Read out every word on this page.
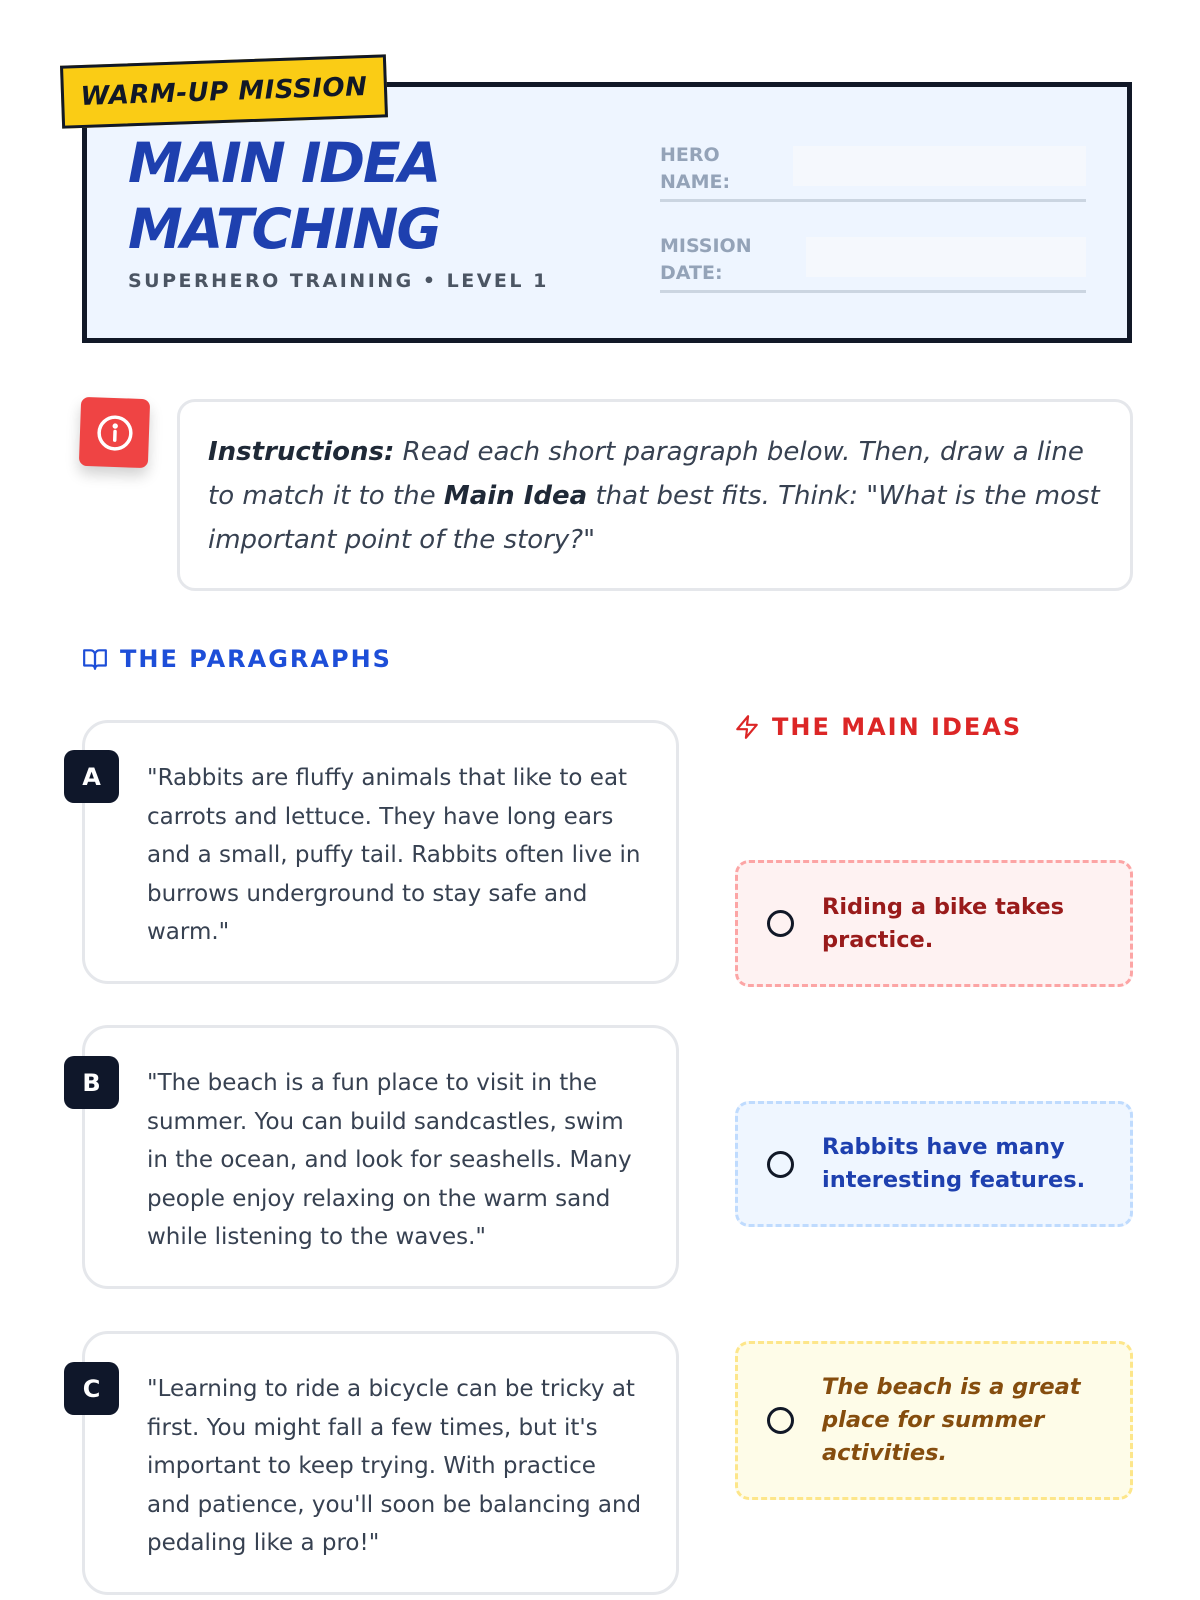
WARM-UP MISSION
MAIN IDEA MATCHING
SUPERHERO TRAINING • LEVEL 1
HERO NAME:
MISSION DATE:

Instructions: Read each short paragraph below. Then, draw a line to match it to the Main Idea that best fits. Think: "What is the most important point of the story?"

THE PARAGRAPHS
THE MAIN IDEAS

"Rabbits are fluffy animals that like to eat carrots and lettuce. They have long ears and a small, puffy tail. Rabbits often live in burrows underground to stay safe and warm."

A

"The beach is a fun place to visit in the summer. You can build sandcastles, swim in the ocean, and look for seashells. Many people enjoy relaxing on the warm sand while listening to the waves."

B

"Learning to ride a bicycle can be tricky at first. You might fall a few times, but it's important to keep trying. With practice and patience, you'll soon be balancing and pedaling like a pro!"

C
Riding a bike takes practice.
Rabbits have many interesting features.
The beach is a great place for summer activities.
